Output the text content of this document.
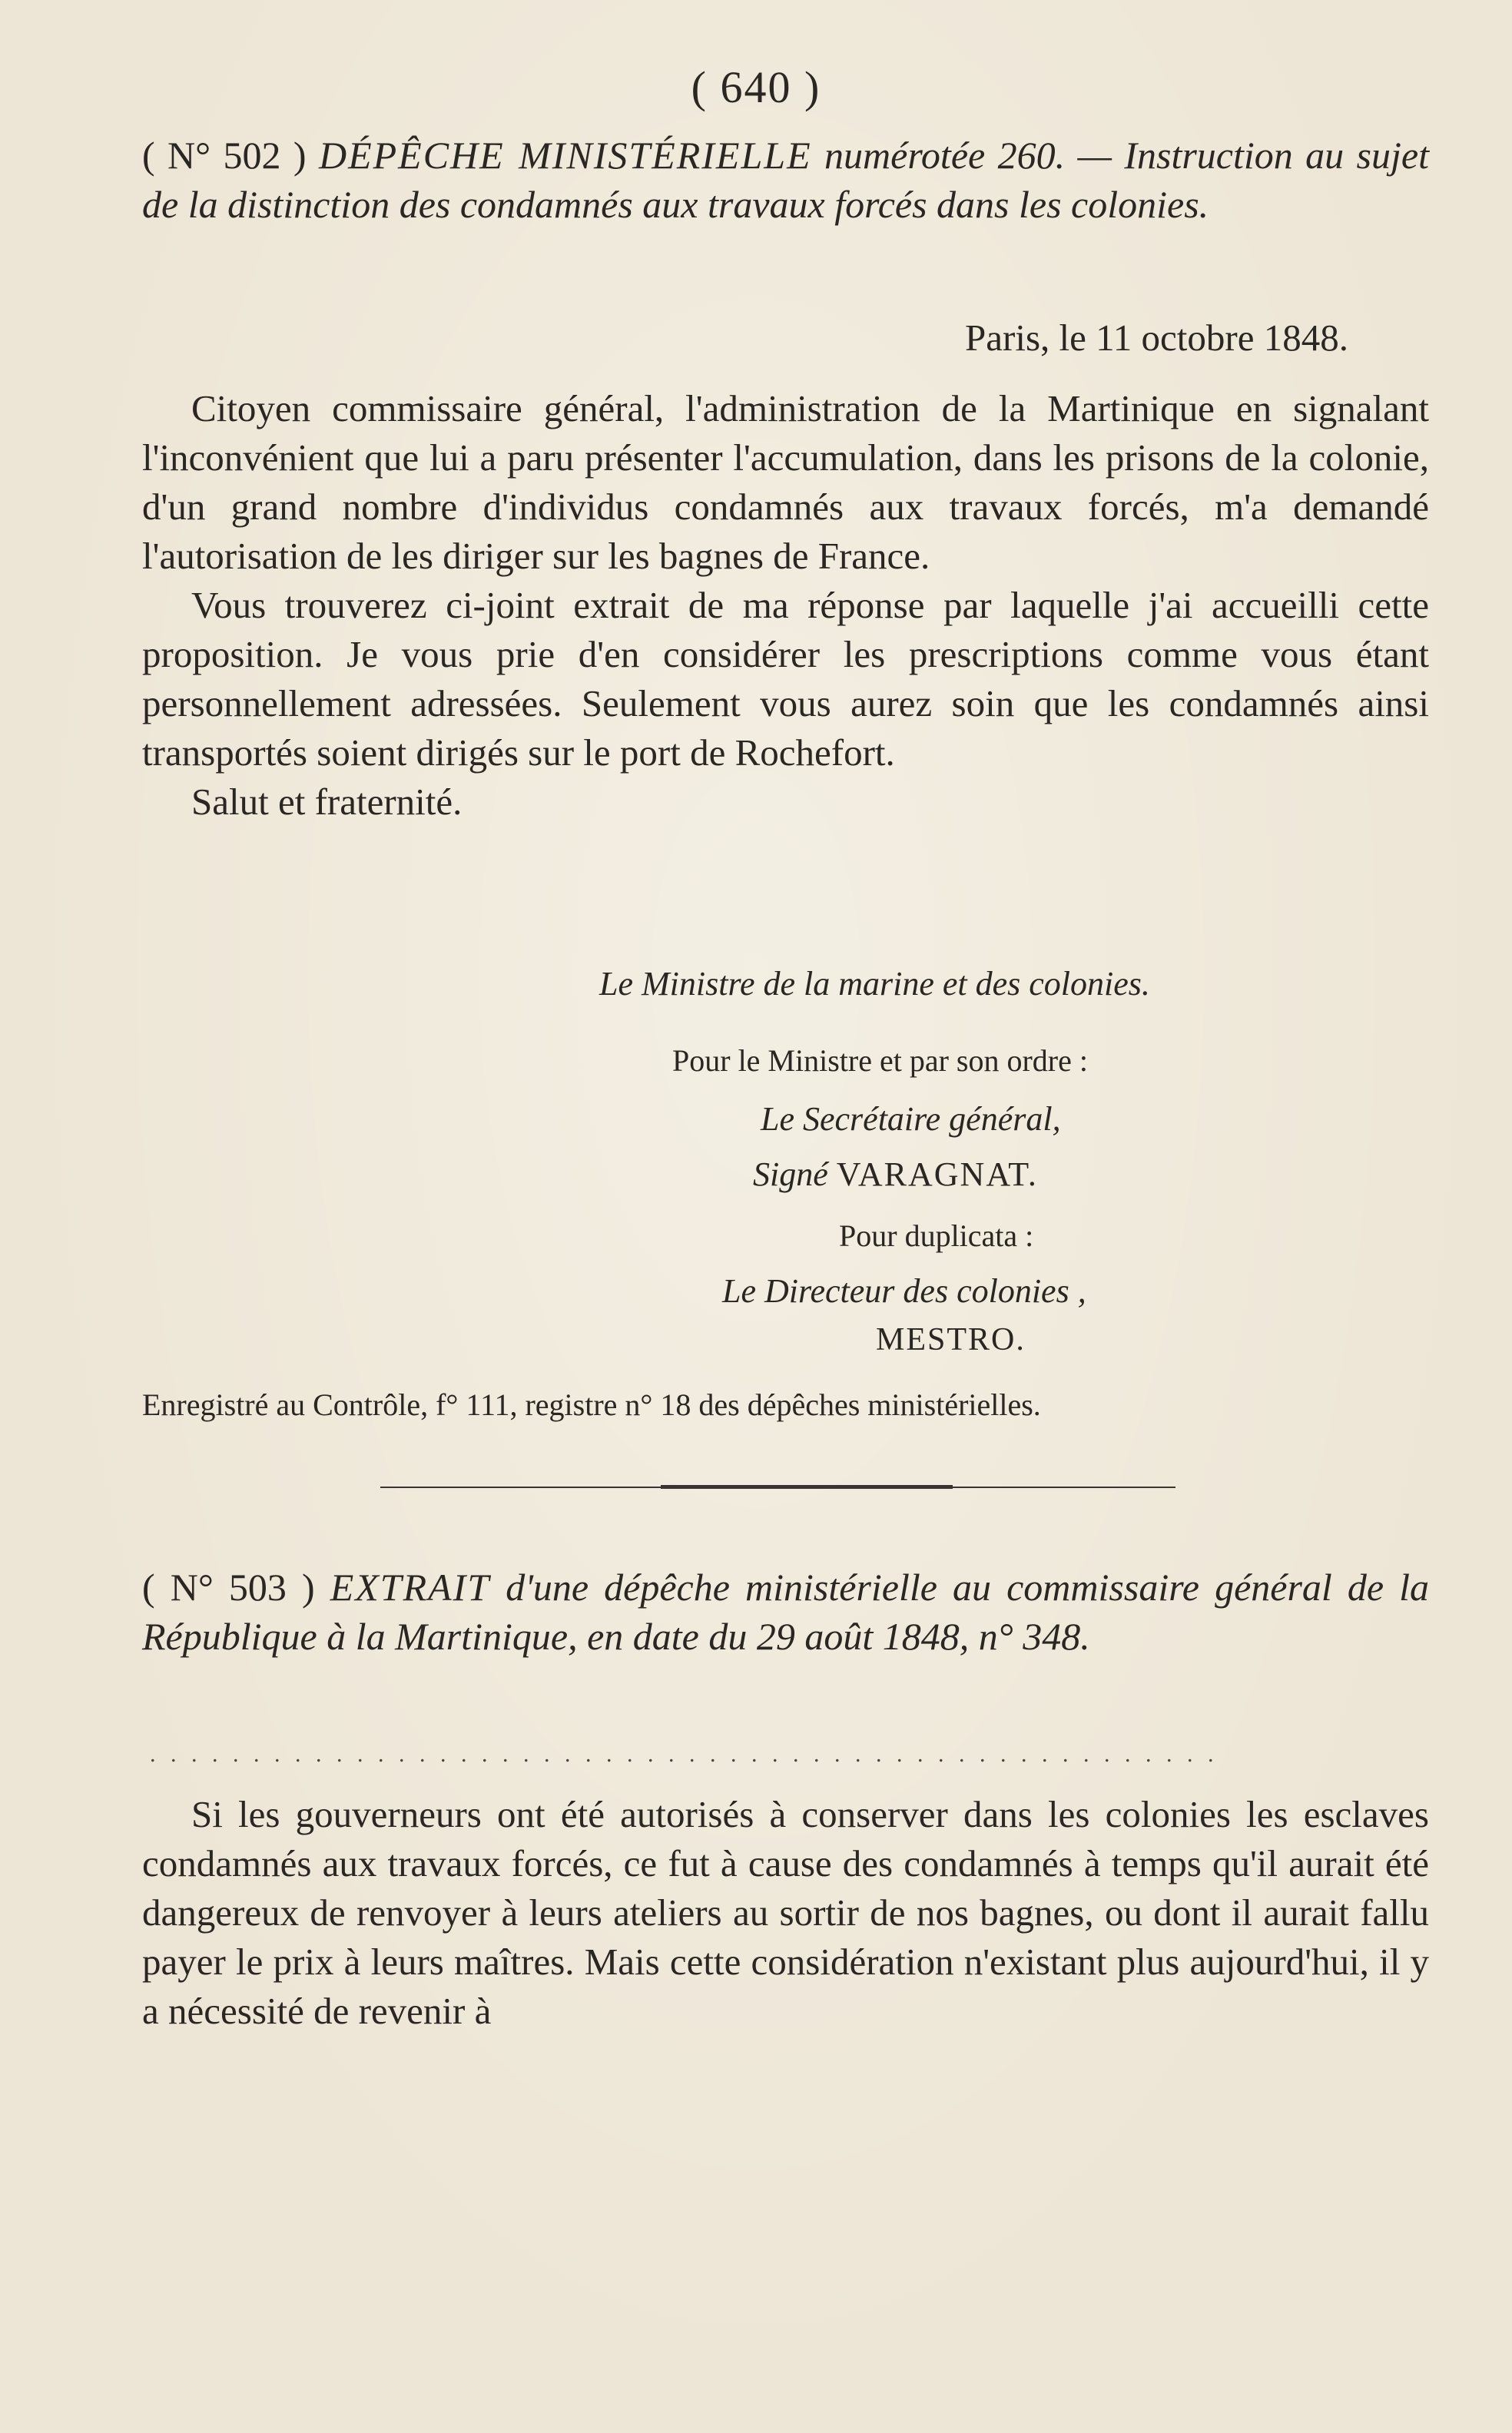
( 640 )
( N° 502 ) DÉPÊCHE MINISTÉRIELLE numérotée 260. — Instruction au sujet de la distinction des condamnés aux travaux forcés dans les colonies.
Paris, le 11 octobre 1848.

Citoyen commissaire général, l'administration de la Martinique en signalant l'inconvénient que lui a paru présenter l'accumulation, dans les prisons de la colonie, d'un grand nombre d'individus condamnés aux travaux forcés, m'a demandé l'autorisation de les diriger sur les bagnes de France.

Vous trouverez ci-joint extrait de ma réponse par laquelle j'ai accueilli cette proposition. Je vous prie d'en considérer les prescriptions comme vous étant personnellement adressées. Seulement vous aurez soin que les condamnés ainsi transportés soient dirigés sur le port de Rochefort.

Salut et fraternité.

Le Ministre de la marine et des colonies.
Pour le Ministre et par son ordre :
Le Secrétaire général,
Signé VARAGNAT.
Pour duplicata :
Le Directeur des colonies ,
MESTRO.
Enregistré au Contrôle, f° 111, registre n° 18 des dépêches ministérielles.
( N° 503 ) EXTRAIT d'une dépêche ministérielle au commissaire général de la République à la Martinique, en date du 29 août 1848, n° 348.
. . . . . . . . . . . . . . . . . . . . . . . . . . . . . . . . . . . . . . . . . . . . . . . . . . . .

Si les gouverneurs ont été autorisés à conserver dans les colonies les esclaves condamnés aux travaux forcés, ce fut à cause des condamnés à temps qu'il aurait été dangereux de renvoyer à leurs ateliers au sortir de nos bagnes, ou dont il aurait fallu payer le prix à leurs maîtres. Mais cette considération n'existant plus aujourd'hui, il y a nécessité de revenir à
